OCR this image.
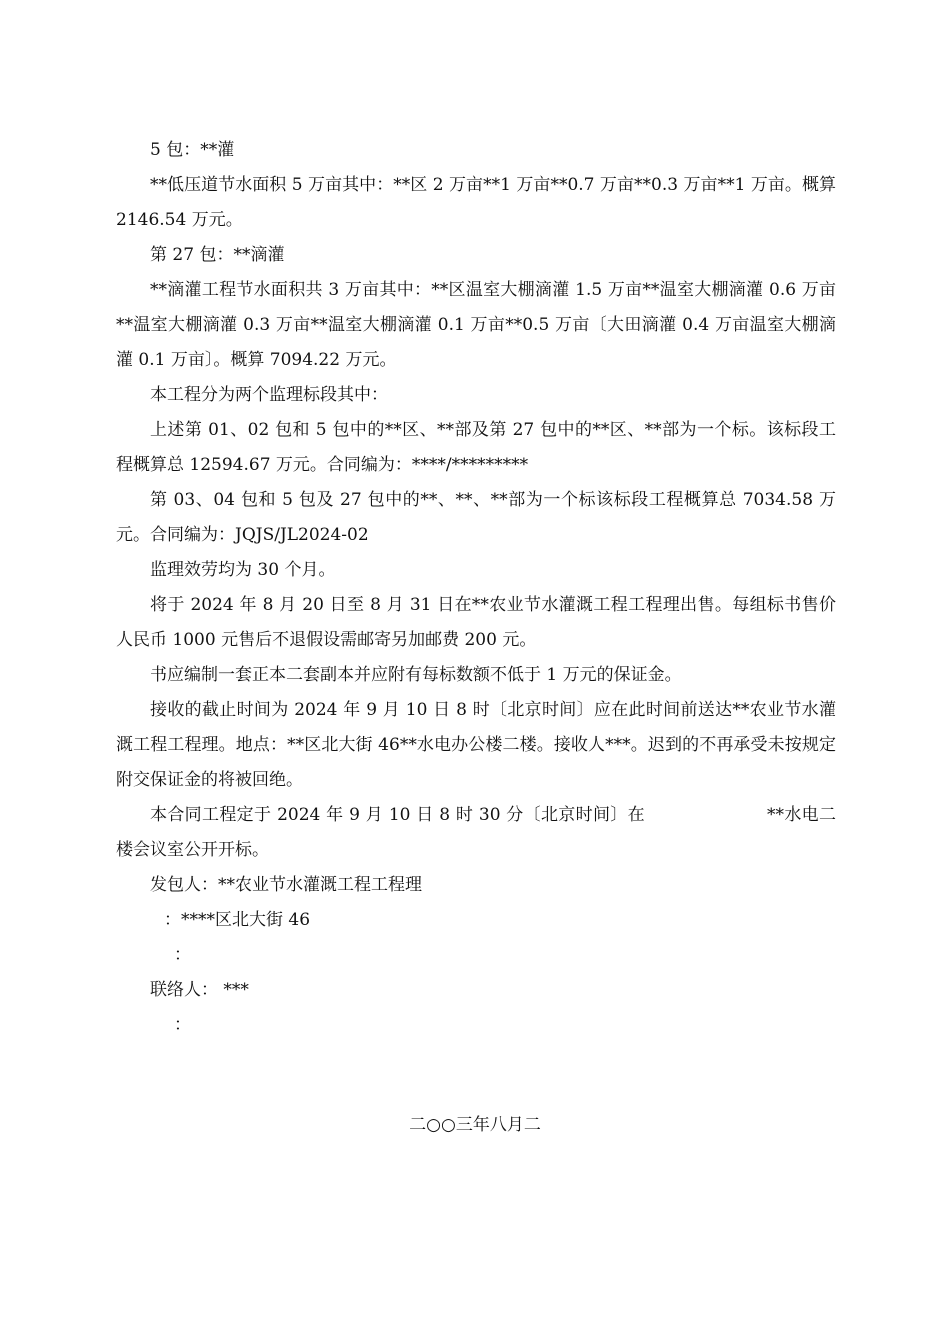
5 包：**灌

**低压道节水面积 5 万亩其中：**区 2 万亩**1 万亩**0.7 万亩**0.3 万亩**1 万亩。概算 2146.54 万元。

第 27 包：**滴灌

**滴灌工程节水面积共 3 万亩其中：**区温室大棚滴灌 1.5 万亩**温室大棚滴灌 0.6 万亩**温室大棚滴灌 0.3 万亩**温室大棚滴灌 0.1 万亩**0.5 万亩〔大田滴灌 0.4 万亩温室大棚滴灌 0.1 万亩〕。概算 7094.22 万元。

本工程分为两个监理标段其中：

上述第 01、02 包和 5 包中的**区、**部及第 27 包中的**区、**部为一个标。该标段工程概算总 12594.67 万元。合同编为：****/*********

第 03、04 包和 5 包及 27 包中的**、**、**部为一个标该标段工程概算总 7034.58 万元。合同编为：JQJS/JL2024-02

监理效劳均为 30 个月。

将于 2024 年 8 月 20 日至 8 月 31 日在**农业节水灌溉工程工程理出售。每组标书售价人民币 1000 元售后不退假设需邮寄另加邮费 200 元。

书应编制一套正本二套副本并应附有每标数额不低于 1 万元的保证金。

接收的截止时间为 2024 年 9 月 10 日 8 时〔北京时间〕应在此时间前送达**农业节水灌溉工程工程理。地点：**区北大街 46**水电办公楼二楼。接收人***。迟到的不再承受未按规定附交保证金的将被回绝。

本合同工程定于 2024 年 9 月 10 日 8 时 30 分〔北京时间〕在	**水电二楼会议室公开开标。

发包人：**农业节水灌溉工程工程理

：****区北大街 46
：

联络人： ***

：
二○○三年八月二
